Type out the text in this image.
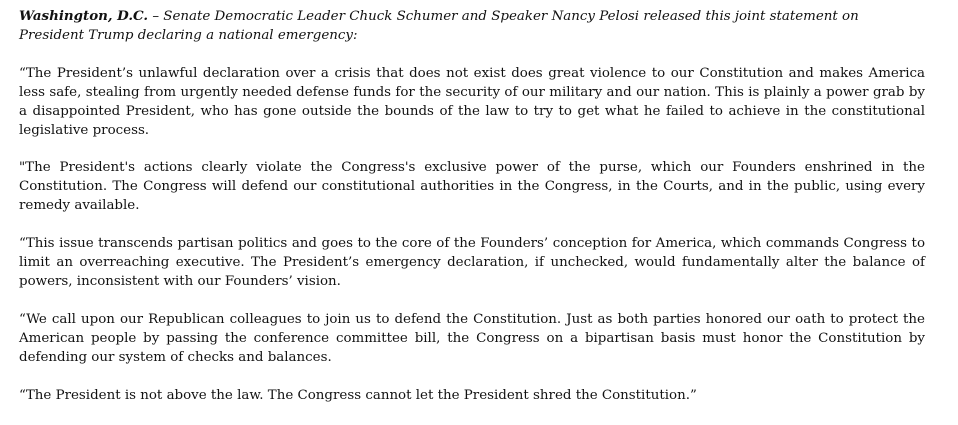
Washington, D.C. – Senate Democratic Leader Chuck Schumer and Speaker Nancy Pelosi released this joint statement on President Trump declaring a national emergency:

“The President’s unlawful declaration over a crisis that does not exist does great violence to our Constitution and makes America less safe, stealing from urgently needed defense funds for the security of our military and our nation. This is plainly a power grab by a disappointed President, who has gone outside the bounds of the law to try to get what he failed to achieve in the constitutional legislative process.

"The President's actions clearly violate the Congress's exclusive power of the purse, which our Founders enshrined in the Constitution. The Congress will defend our constitutional authorities in the Congress, in the Courts, and in the public, using every remedy available.

“This issue transcends partisan politics and goes to the core of the Founders’ conception for America, which commands Congress to limit an overreaching executive. The President’s emergency declaration, if unchecked, would fundamentally alter the balance of powers, inconsistent with our Founders’ vision.

“We call upon our Republican colleagues to join us to defend the Constitution. Just as both parties honored our oath to protect the American people by passing the conference committee bill, the Congress on a bipartisan basis must honor the Constitution by defending our system of checks and balances.

“The President is not above the law. The Congress cannot let the President shred the Constitution.”
